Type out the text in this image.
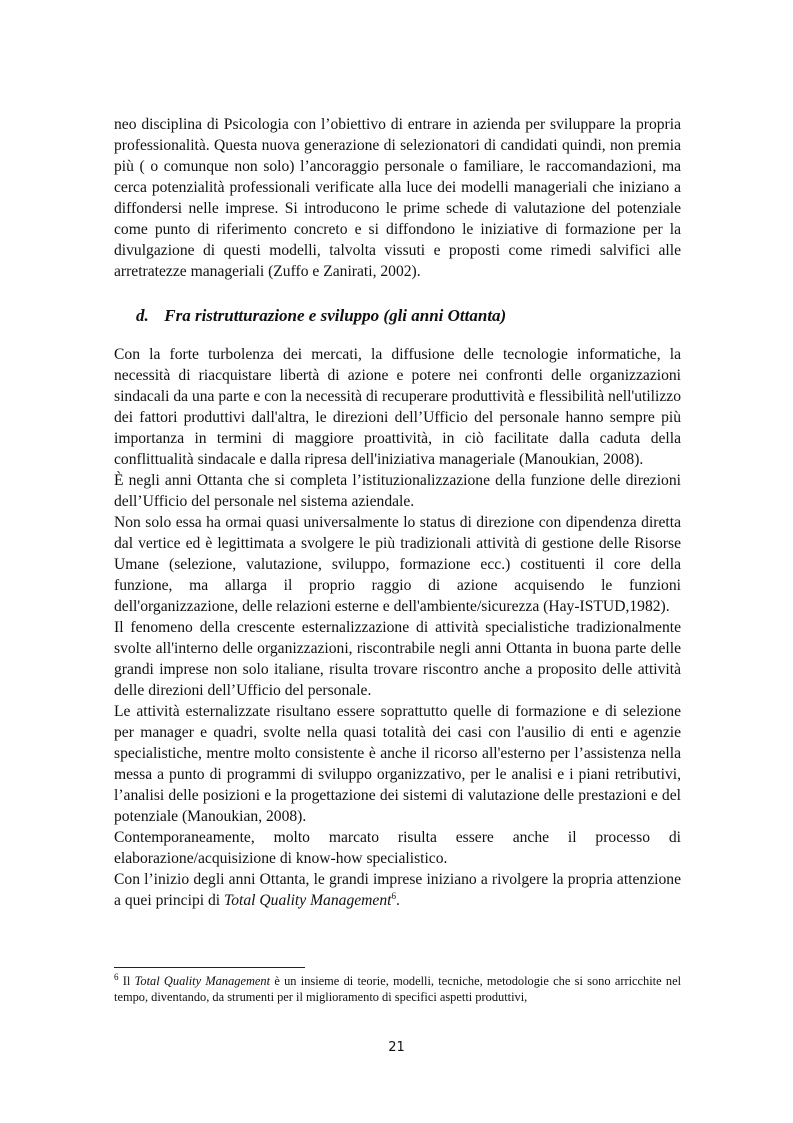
neo disciplina di Psicologia con l’obiettivo di entrare in azienda per sviluppare la propria professionalità. Questa nuova generazione di selezionatori di candidati quindi, non premia più ( o comunque non solo) l’ancoraggio personale o familiare, le raccomandazioni, ma cerca potenzialità professionali verificate alla luce dei modelli manageriali che iniziano a diffondersi nelle imprese. Si introducono le prime schede di valutazione del potenziale come punto di riferimento concreto e si diffondono le iniziative di formazione per la divulgazione di questi modelli, talvolta vissuti e proposti come rimedi salvifici alle arretratezze manageriali (Zuffo e Zanirati, 2002).

d. Fra ristrutturazione e sviluppo (gli anni Ottanta)

Con la forte turbolenza dei mercati, la diffusione delle tecnologie informatiche, la necessità di riacquistare libertà di azione e potere nei confronti delle organizzazioni sindacali da una parte e con la necessità di recuperare produttività e flessibilità nell'utilizzo dei fattori produttivi dall'altra, le direzioni dell’Ufficio del personale hanno sempre più importanza in termini di maggiore proattività, in ciò facilitate dalla caduta della conflittualità sindacale e dalla ripresa dell'iniziativa manageriale (Manoukian, 2008).

È negli anni Ottanta che si completa l’istituzionalizzazione della funzione delle direzioni dell’Ufficio del personale nel sistema aziendale.

Non solo essa ha ormai quasi universalmente lo status di direzione con dipendenza diretta dal vertice ed è legittimata a svolgere le più tradizionali attività di gestione delle Risorse Umane (selezione, valutazione, sviluppo, formazione ecc.) costituenti il core della funzione, ma allarga il proprio raggio di azione acquisendo le funzioni dell'organizzazione, delle relazioni esterne e dell'ambiente/sicurezza (Hay-ISTUD,1982).

Il fenomeno della crescente esternalizzazione di attività specialistiche tradizionalmente svolte all'interno delle organizzazioni, riscontrabile negli anni Ottanta in buona parte delle grandi imprese non solo italiane, risulta trovare riscontro anche a proposito delle attività delle direzioni dell’Ufficio del personale.

Le attività esternalizzate risultano essere soprattutto quelle di formazione e di selezione per manager e quadri, svolte nella quasi totalità dei casi con l'ausilio di enti e agenzie specialistiche, mentre molto consistente è anche il ricorso all'esterno per l’assistenza nella messa a punto di programmi di sviluppo organizzativo, per le analisi e i piani retributivi, l’analisi delle posizioni e la progettazione dei sistemi di valutazione delle prestazioni e del potenziale (Manoukian, 2008).

Contemporaneamente, molto marcato risulta essere anche il processo di elaborazione/acquisizione di know-how specialistico.

Con l’inizio degli anni Ottanta, le grandi imprese iniziano a rivolgere la propria attenzione a quei principi di Total Quality Management$^6$.

$^6$ Il Total Quality Management è un insieme di teorie, modelli, tecniche, metodologie che si sono arricchite nel tempo, diventando, da strumenti per il miglioramento di specifici aspetti produttivi,

21
